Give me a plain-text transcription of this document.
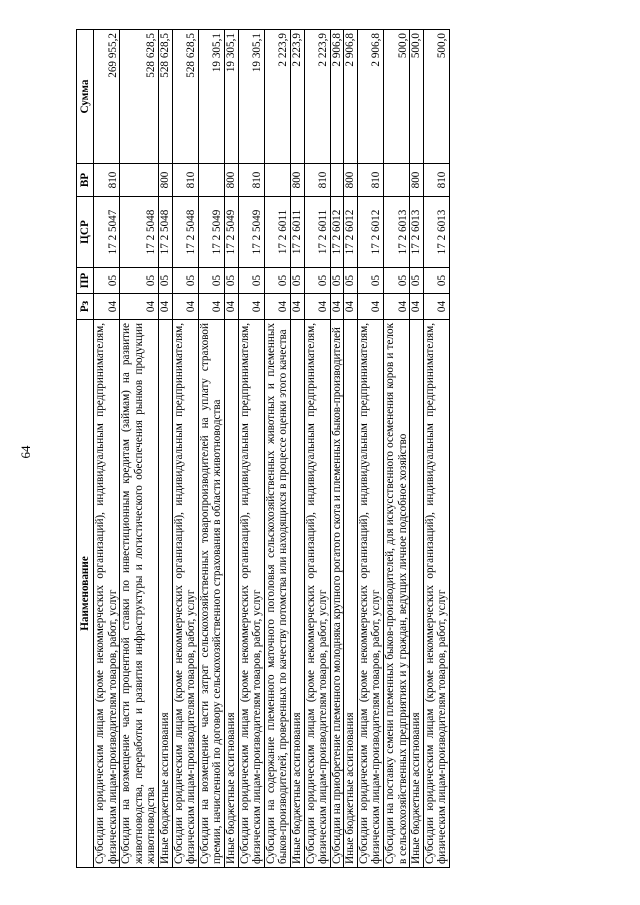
64
Наименование	Рз	ПР	ЦСР	ВР	Сумма
Субсидии юридическим лицам (кроме некоммерческих организаций), индивидуальным предпринимателям, физическим лицам-производителям товаров, работ, услуг	04	05	17 2 5047	810	269 955,2
Субсидии на возмещение части процентной ставки по инвестиционным кредитам (займам) на развитие животноводства, переработки и развития инфраструктуры и логистического обеспечения рынков продукции животноводства	04	05	17 2 5048		528 628,5
Иные бюджетные ассигнования	04	05	17 2 5048	800	528 628,5
Субсидии юридическим лицам (кроме некоммерческих организаций), индивидуальным предпринимателям, физическим лицам-производителям товаров, работ, услуг	04	05	17 2 5048	810	528 628,5
Субсидии на возмещение части затрат сельскохозяйственных товаропроизводителей на уплату страховой премии, начисленной по договору сельскохозяйственного страхования в области животноводства	04	05	17 2 5049		19 305,1
Иные бюджетные ассигнования	04	05	17 2 5049	800	19 305,1
Субсидии юридическим лицам (кроме некоммерческих организаций), индивидуальным предпринимателям, физическим лицам-производителям товаров, работ, услуг	04	05	17 2 5049	810	19 305,1
Субсидии на содержание племенного маточного поголовья сельскохозяйственных животных и племенных быков-производителей, проверенных по качеству потомства или находящихся в процессе оценки этого качества	04	05	17 2 6011		2 223,9
Иные бюджетные ассигнования	04	05	17 2 6011	800	2 223,9
Субсидии юридическим лицам (кроме некоммерческих организаций), индивидуальным предпринимателям, физическим лицам-производителям товаров, работ, услуг	04	05	17 2 6011	810	2 223,9
Субсидии на приобретение племенного молодняка крупного рогатого скота и племенных быков-производителей	04	05	17 2 6012		2 906,8
Иные бюджетные ассигнования	04	05	17 2 6012	800	2 906,8
Субсидии юридическим лицам (кроме некоммерческих организаций), индивидуальным предпринимателям, физическим лицам-производителям товаров, работ, услуг	04	05	17 2 6012	810	2 906,8
Субсидии на поставку семени племенных быков-производителей, для искусственного осеменения коров и телок в сельскохозяйственных предприятиях и у граждан, ведущих личное подсобное хозяйство	04	05	17 2 6013		500,0
Иные бюджетные ассигнования	04	05	17 2 6013	800	500,0
Субсидии юридическим лицам (кроме некоммерческих организаций), индивидуальным предпринимателям, физическим лицам-производителям товаров, работ, услуг	04	05	17 2 6013	810	500,0
